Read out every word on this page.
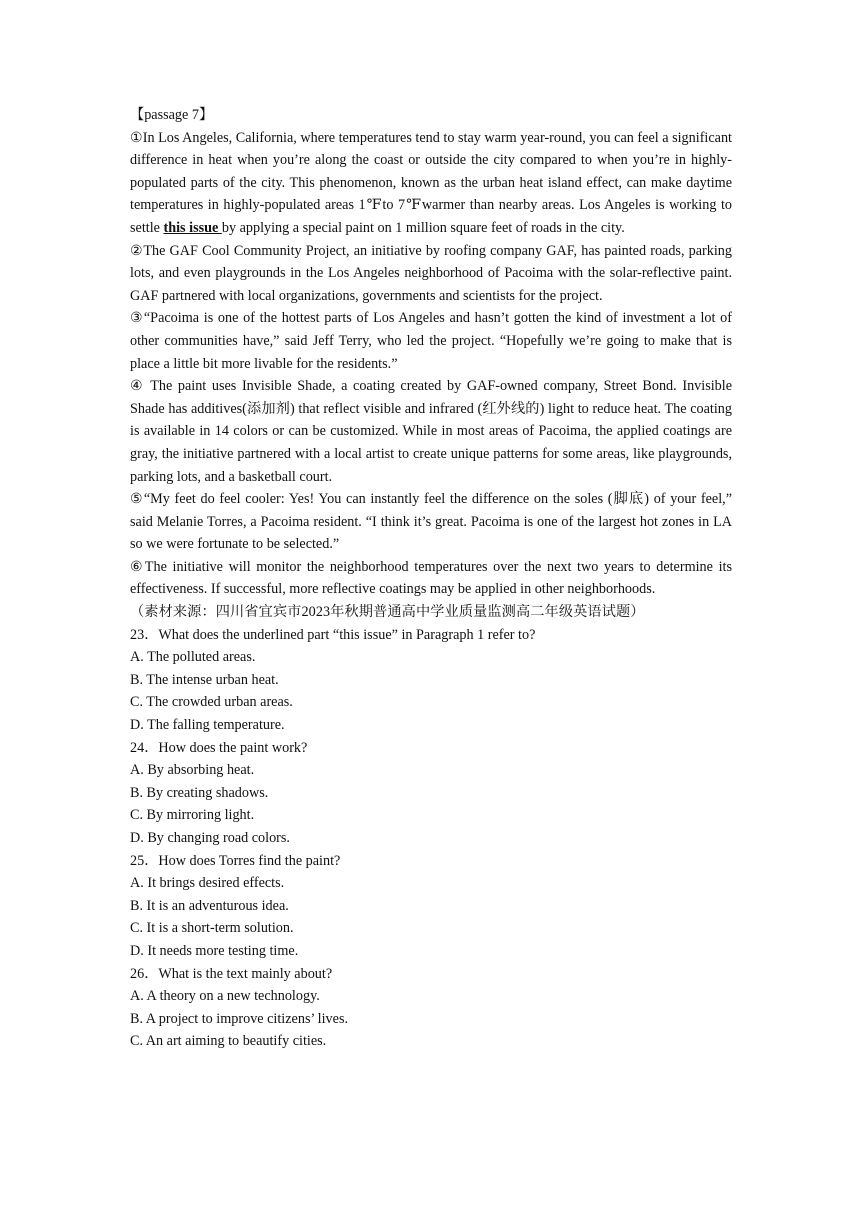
【passage 7】

①In Los Angeles, California, where temperatures tend to stay warm year-round, you can feel a significant difference in heat when you’re along the coast or outside the city compared to when you’re in highly-populated parts of the city. This phenomenon, known as the urban heat island effect, can make daytime temperatures in highly-populated areas 1℉to 7℉warmer than nearby areas. Los Angeles is working to settle this issue by applying a special paint on 1 million square feet of roads in the city.

②The GAF Cool Community Project, an initiative by roofing company GAF, has painted roads, parking lots, and even playgrounds in the Los Angeles neighborhood of Pacoima with the solar-reflective paint. GAF partnered with local organizations, governments and scientists for the project.

③“Pacoima is one of the hottest parts of Los Angeles and hasn’t gotten the kind of investment a lot of other communities have,” said Jeff Terry, who led the project. “Hopefully we’re going to make that is place a little bit more livable for the residents.”

④ The paint uses Invisible Shade, a coating created by GAF-owned company, Street Bond. Invisible Shade has additives(添加剂) that reflect visible and infrared (红外线的) light to reduce heat. The coating is available in 14 colors or can be customized. While in most areas of Pacoima, the applied coatings are gray, the initiative partnered with a local artist to create unique patterns for some areas, like playgrounds, parking lots, and a basketball court.

⑤“My feet do feel cooler: Yes! You can instantly feel the difference on the soles (脚底) of your feel,” said Melanie Torres, a Pacoima resident. “I think it’s great. Pacoima is one of the largest hot zones in LA so we were fortunate to be selected.”

⑥The initiative will monitor the neighborhood temperatures over the next two years to determine its effectiveness. If successful, more reflective coatings may be applied in other neighborhoods.

（素材来源：四川省宜宾市2023年秋期普通高中学业质量监测高二年级英语试题）

23．What does the underlined part “this issue” in Paragraph 1 refer to?

A. The polluted areas.

B. The intense urban heat.

C. The crowded urban areas.

D. The falling temperature.

24．How does the paint work?

A. By absorbing heat.

B. By creating shadows.

C. By mirroring light.

D. By changing road colors.

25．How does Torres find the paint?

A. It brings desired effects.

B. It is an adventurous idea.

C. It is a short-term solution.

D. It needs more testing time.

26．What is the text mainly about?

A. A theory on a new technology.

B. A project to improve citizens’ lives.

C. An art aiming to beautify cities.
